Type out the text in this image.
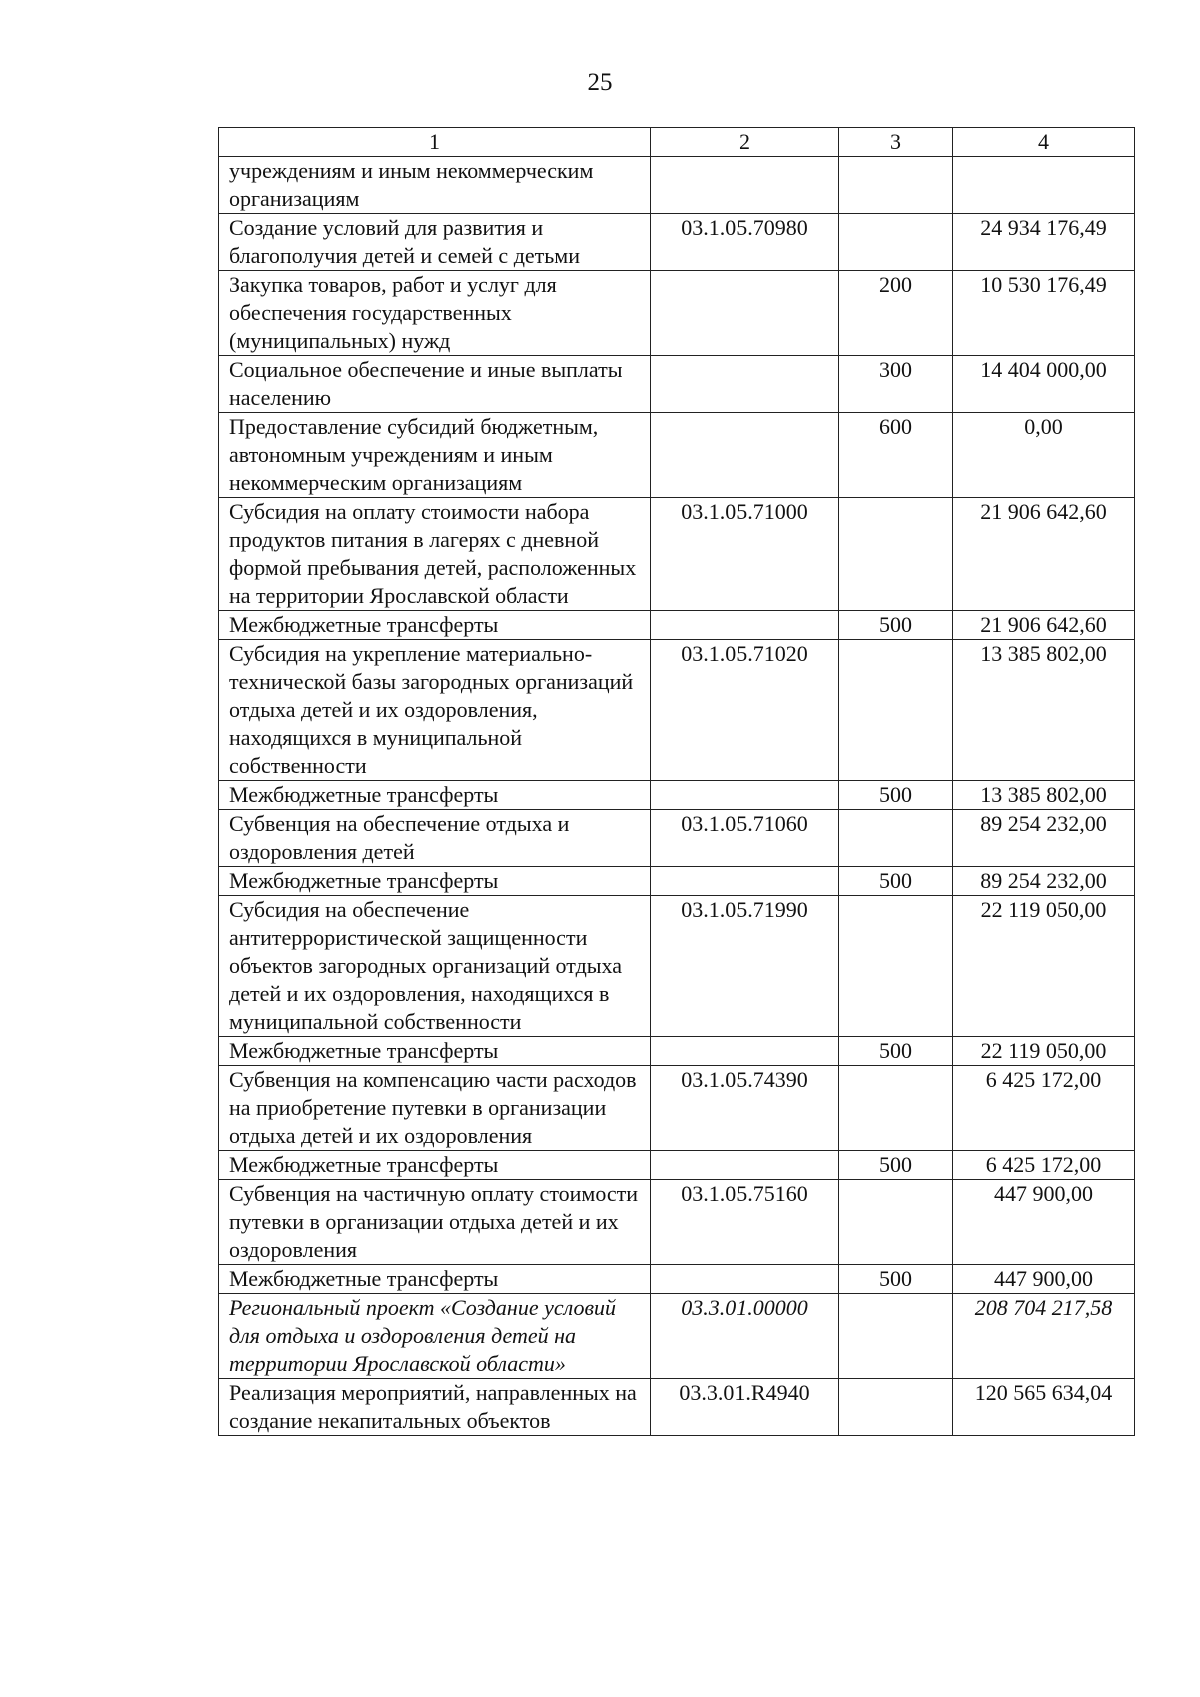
25
1	2	3	4
учреждениям и иным некоммерческим организациям			
Создание условий для развития и благополучия детей и семей с детьми	03.1.05.70980		24 934 176,49
Закупка товаров, работ и услуг для обеспечения государственных (муниципальных) нужд		200	10 530 176,49
Социальное обеспечение и иные выплаты населению		300	14 404 000,00
Предоставление субсидий бюджетным, автономным учреждениям и иным некоммерческим организациям		600	0,00
Субсидия на оплату стоимости набора продуктов питания в лагерях с дневной формой пребывания детей, расположенных на территории Ярославской области	03.1.05.71000		21 906 642,60
Межбюджетные трансферты		500	21 906 642,60
Субсидия на укрепление материально-технической базы загородных организаций отдыха детей и их оздоровления, находящихся в муниципальной собственности	03.1.05.71020		13 385 802,00
Межбюджетные трансферты		500	13 385 802,00
Субвенция на обеспечение отдыха и оздоровления детей	03.1.05.71060		89 254 232,00
Межбюджетные трансферты		500	89 254 232,00
Субсидия на обеспечение антитеррористической защищенности объектов загородных организаций отдыха детей и их оздоровления, находящихся в муниципальной собственности	03.1.05.71990		22 119 050,00
Межбюджетные трансферты		500	22 119 050,00
Субвенция на компенсацию части расходов на приобретение путевки в организации отдыха детей и их оздоровления	03.1.05.74390		6 425 172,00
Межбюджетные трансферты		500	6 425 172,00
Субвенция на частичную оплату стоимости путевки в организации отдыха детей и их оздоровления	03.1.05.75160		447 900,00
Межбюджетные трансферты		500	447 900,00
Региональный проект «Создание условий для отдыха и оздоровления детей на территории Ярославской области»	03.3.01.00000		208 704 217,58
Реализация мероприятий, направленных на создание некапитальных объектов	03.3.01.R4940		120 565 634,04
